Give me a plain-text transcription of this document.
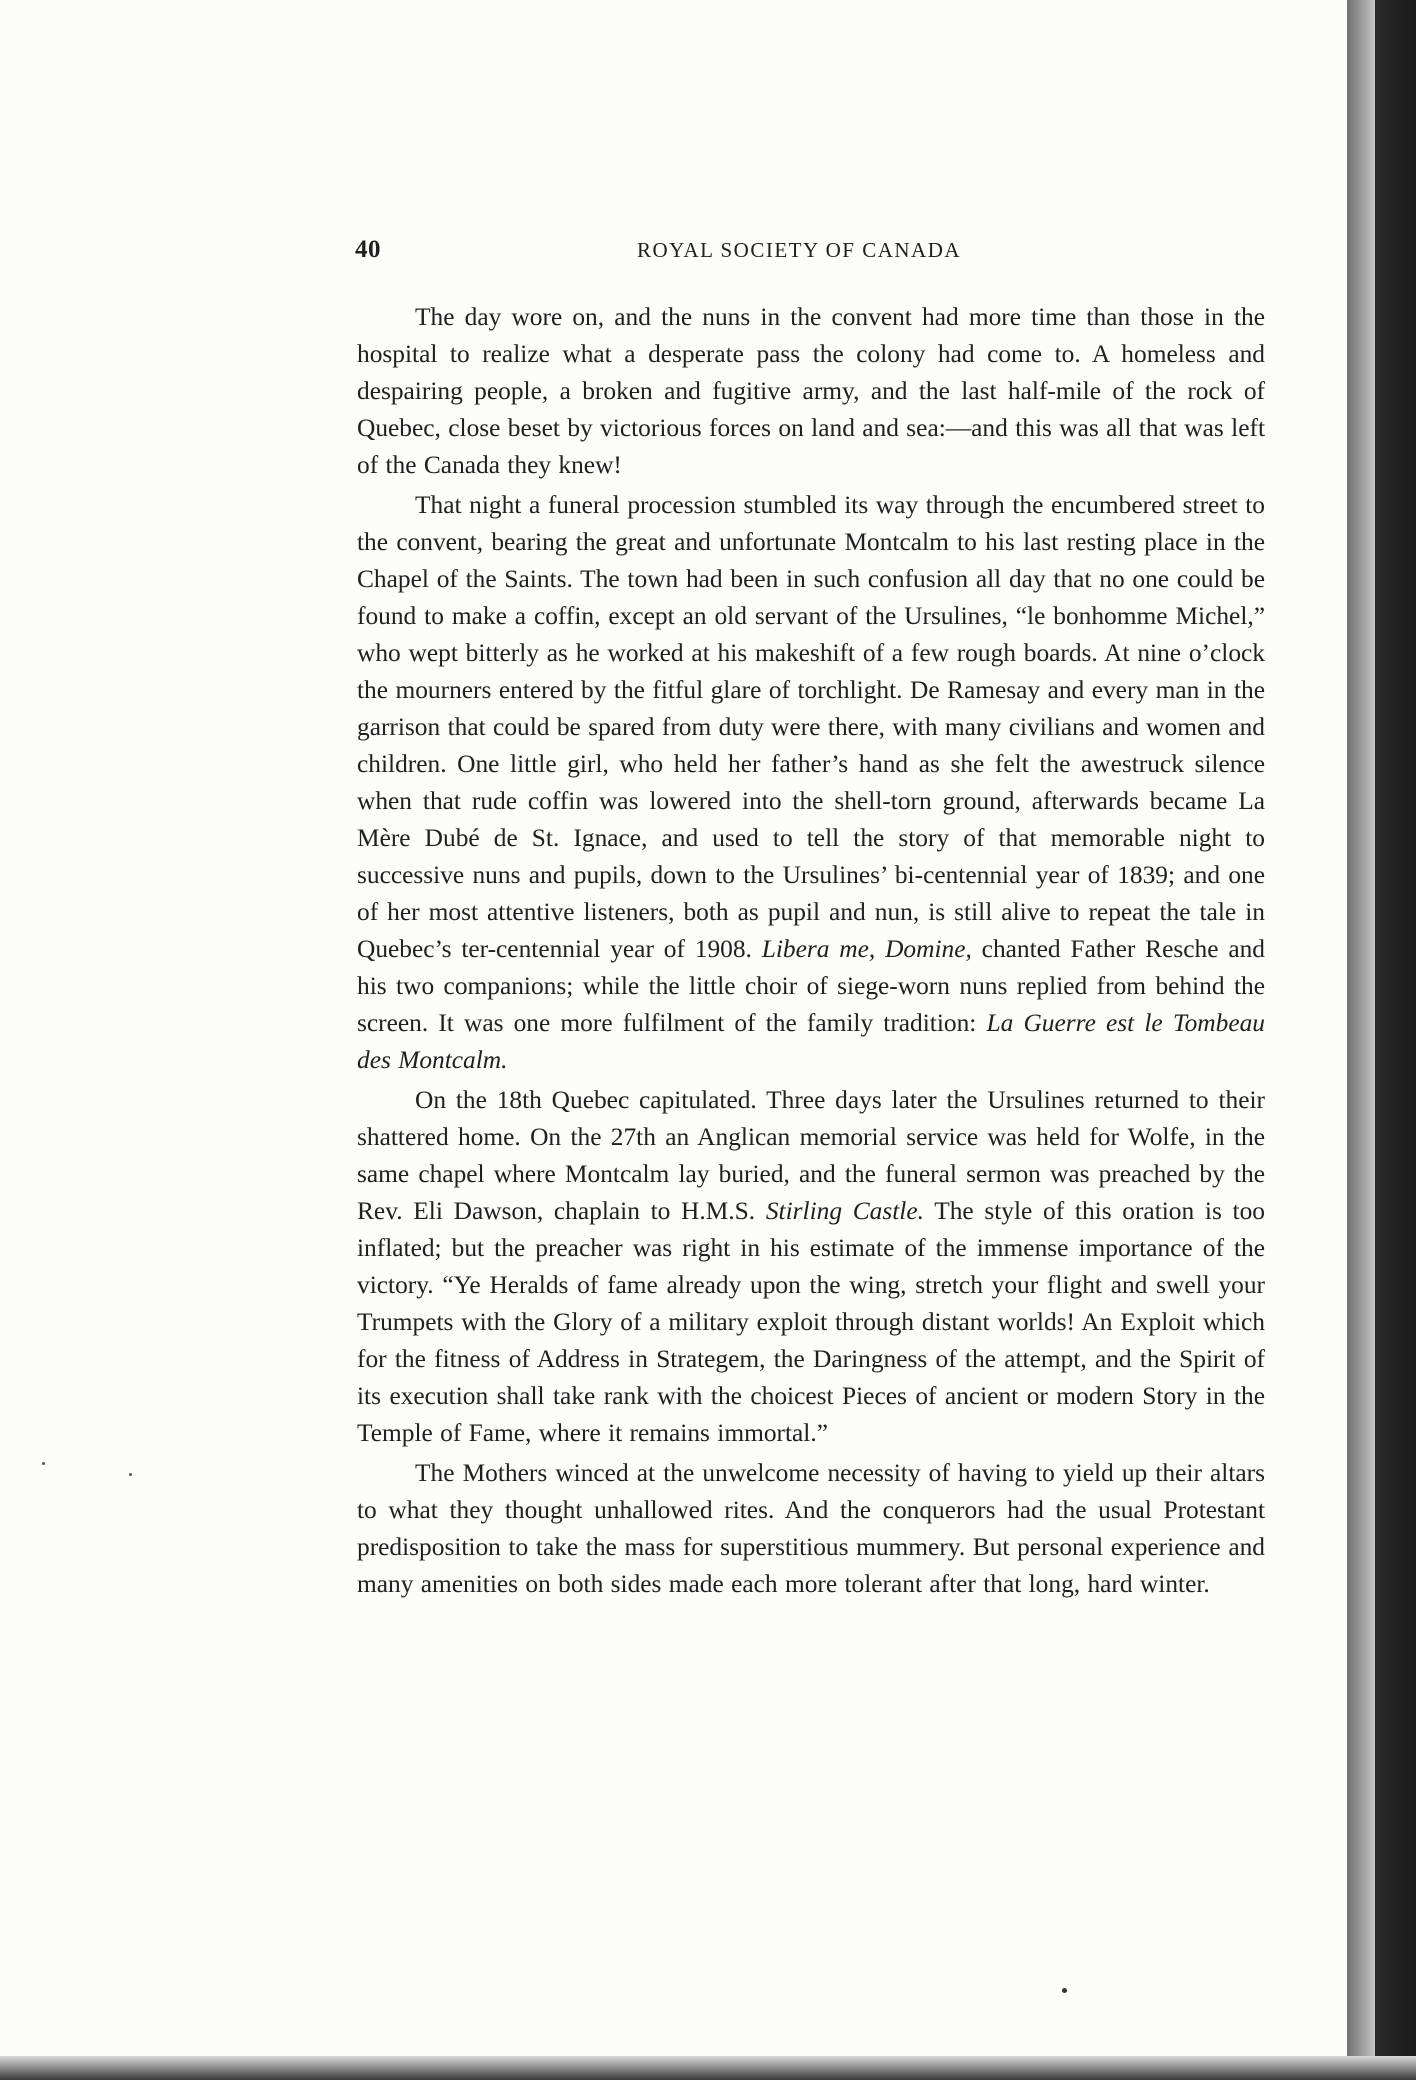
40	ROYAL SOCIETY OF CANADA

The day wore on, and the nuns in the convent had more time than those in the hospital to realize what a desperate pass the colony had come to. A homeless and despairing people, a broken and fugitive army, and the last half-mile of the rock of Quebec, close beset by victorious forces on land and sea:—and this was all that was left of the Canada they knew!

That night a funeral procession stumbled its way through the encumbered street to the convent, bearing the great and unfortunate Montcalm to his last resting place in the Chapel of the Saints. The town had been in such confusion all day that no one could be found to make a coffin, except an old servant of the Ursulines, “le bonhomme Michel,” who wept bitterly as he worked at his makeshift of a few rough boards. At nine o’clock the mourners entered by the fitful glare of torchlight. De Ramesay and every man in the garrison that could be spared from duty were there, with many civilians and women and children. One little girl, who held her father’s hand as she felt the awestruck silence when that rude coffin was lowered into the shell-torn ground, afterwards became La Mère Dubé de St. Ignace, and used to tell the story of that memorable night to successive nuns and pupils, down to the Ursulines’ bi-centennial year of 1839; and one of her most attentive listeners, both as pupil and nun, is still alive to repeat the tale in Quebec’s ter-centennial year of 1908. Libera me, Domine, chanted Father Resche and his two companions; while the little choir of siege-worn nuns replied from behind the screen. It was one more fulfilment of the family tradition: La Guerre est le Tombeau des Montcalm.

On the 18th Quebec capitulated. Three days later the Ursulines returned to their shattered home. On the 27th an Anglican memorial service was held for Wolfe, in the same chapel where Montcalm lay buried, and the funeral sermon was preached by the Rev. Eli Dawson, chaplain to H.M.S. Stirling Castle. The style of this oration is too inflated; but the preacher was right in his estimate of the immense importance of the victory. “Ye Heralds of fame already upon the wing, stretch your flight and swell your Trumpets with the Glory of a military exploit through distant worlds! An Exploit which for the fitness of Address in Strategem, the Daringness of the attempt, and the Spirit of its execution shall take rank with the choicest Pieces of ancient or modern Story in the Temple of Fame, where it remains immortal.”

The Mothers winced at the unwelcome necessity of having to yield up their altars to what they thought unhallowed rites. And the conquerors had the usual Protestant predisposition to take the mass for superstitious mummery. But personal experience and many amenities on both sides made each more tolerant after that long, hard winter.
